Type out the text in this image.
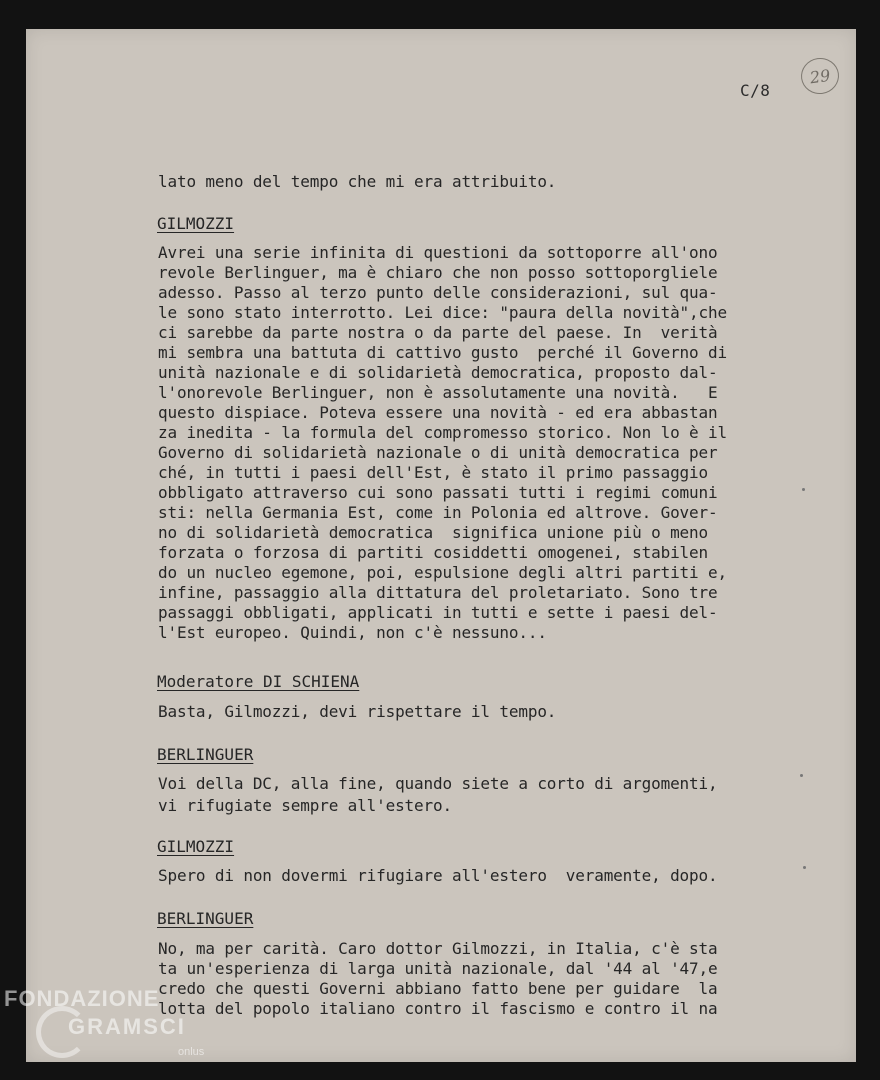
C/8
29
lato meno del tempo che mi era attribuito.
GILMOZZI
Avrei una serie infinita di questioni da sottoporre all'ono
revole Berlinguer, ma è chiaro che non posso sottoporgliele
adesso. Passo al terzo punto delle considerazioni, sul qua-
le sono stato interrotto. Lei dice: "paura della novità",che
ci sarebbe da parte nostra o da parte del paese. In  verità
mi sembra una battuta di cattivo gusto  perché il Governo di
unità nazionale e di solidarietà democratica, proposto dal-
l'onorevole Berlinguer, non è assolutamente una novità.   E
questo dispiace. Poteva essere una novità - ed era abbastan
za inedita - la formula del compromesso storico. Non lo è il
Governo di solidarietà nazionale o di unità democratica per
ché, in tutti i paesi dell'Est, è stato il primo passaggio
obbligato attraverso cui sono passati tutti i regimi comuni
sti: nella Germania Est, come in Polonia ed altrove. Gover-
no di solidarietà democratica  significa unione più o meno
forzata o forzosa di partiti cosiddetti omogenei, stabilen
do un nucleo egemone, poi, espulsione degli altri partiti e,
infine, passaggio alla dittatura del proletariato. Sono tre
passaggi obbligati, applicati in tutti e sette i paesi del-
l'Est europeo. Quindi, non c'è nessuno...
Moderatore DI SCHIENA
Basta, Gilmozzi, devi rispettare il tempo.
BERLINGUER
Voi della DC, alla fine, quando siete a corto di argomenti,
vi rifugiate sempre all'estero.
GILMOZZI
Spero di non dovermi rifugiare all'estero  veramente, dopo.
BERLINGUER
No, ma per carità. Caro dottor Gilmozzi, in Italia, c'è sta
ta un'esperienza di larga unità nazionale, dal '44 al '47,e
credo che questi Governi abbiano fatto bene per guidare  la
lotta del popolo italiano contro il fascismo e contro il na
FONDAZIONE
GRAMSCI
onlus
